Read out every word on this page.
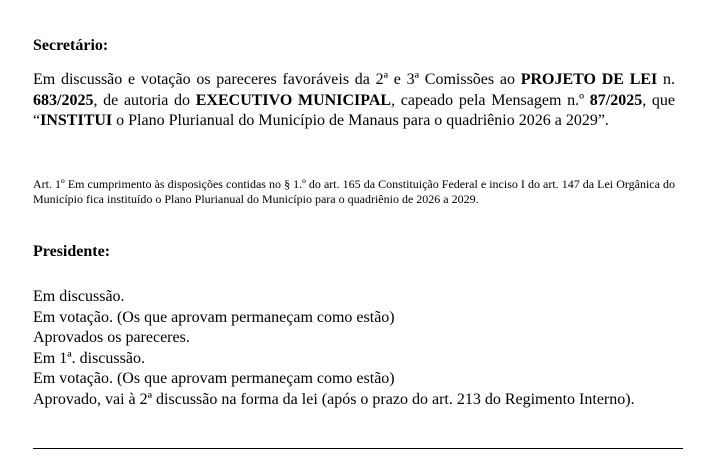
Secretário:

Em discussão e votação os pareceres favoráveis da 2ª e 3ª Comissões ao PROJETO DE LEI n. 683/2025, de autoria do EXECUTIVO MUNICIPAL, capeado pela Mensagem n.º 87/2025, que “INSTITUI o Plano Plurianual do Município de Manaus para o quadriênio 2026 a 2029”.

Art. 1º Em cumprimento às disposições contidas no § 1.º do art. 165 da Constituição Federal e inciso I do art. 147 da Lei Orgânica do Município fica instituído o Plano Plurianual do Município para o quadriênio de 2026 a 2029.

Presidente:

Em discussão.
Em votação. (Os que aprovam permaneçam como estão)
Aprovados os pareceres.
Em 1ª. discussão.
Em votação. (Os que aprovam permaneçam como estão)
Aprovado, vai à 2ª discussão na forma da lei (após o prazo do art. 213 do Regimento Interno).
